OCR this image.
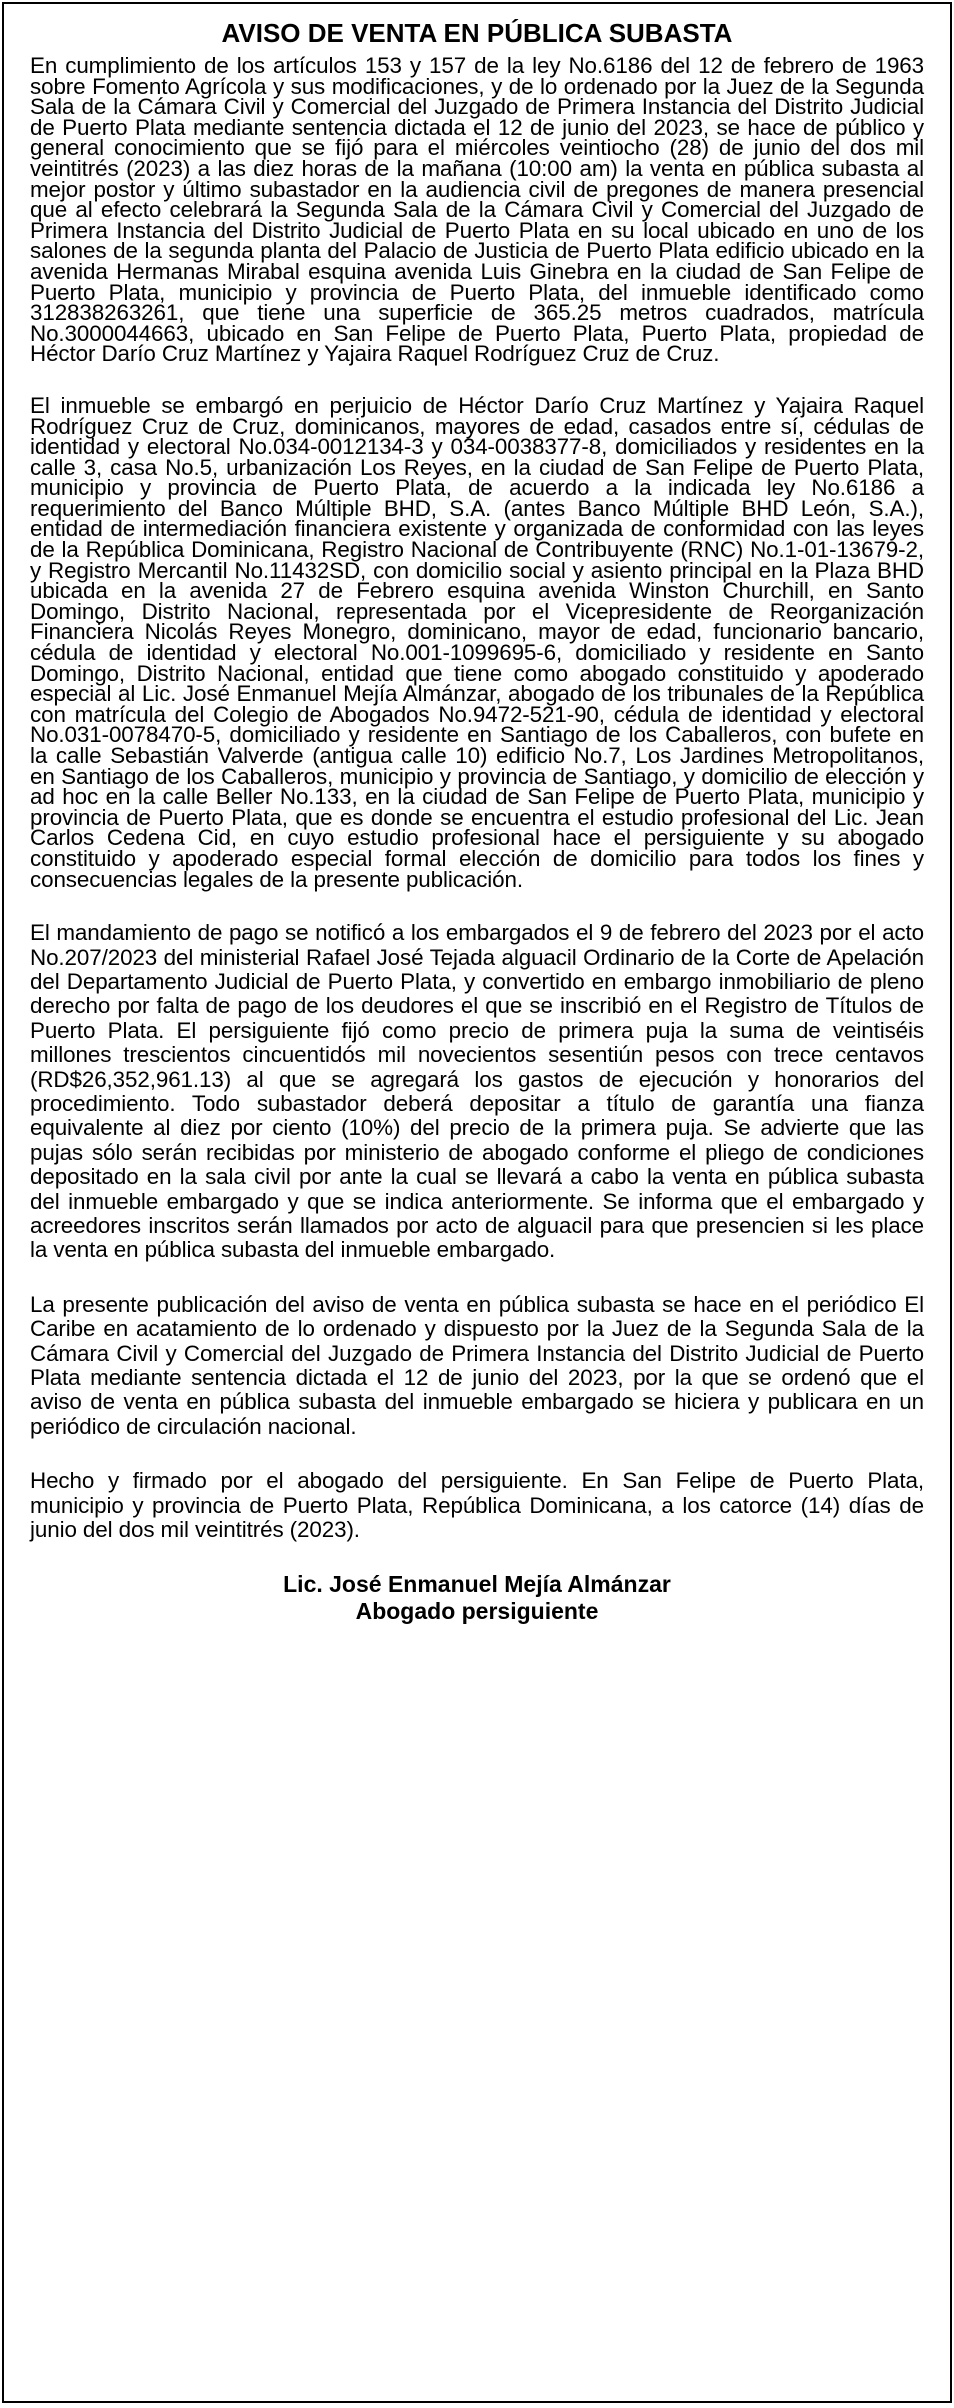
AVISO DE VENTA EN PÚBLICA SUBASTA

En cumplimiento de los artículos 153 y 157 de la ley No.6186 del 12 de febrero de 1963 sobre Fomento Agrícola y sus modificaciones, y de lo ordenado por la Juez de la Segunda Sala de la Cámara Civil y Comercial del Juzgado de Primera Instancia del Distrito Judicial de Puerto Plata mediante sentencia dictada el 12 de junio del 2023, se hace de público y general conocimiento que se fijó para el miércoles veintiocho (28) de junio del dos mil veintitrés (2023) a las diez horas de la mañana (10:00 am) la venta en pública subasta al mejor postor y último subastador en la audiencia civil de pregones de manera presencial que al efecto celebrará la Segunda Sala de la Cámara Civil y Comercial del Juzgado de Primera Instancia del Distrito Judicial de Puerto Plata en su local ubicado en uno de los salones de la segunda planta del Palacio de Justicia de Puerto Plata edificio ubicado en la avenida Hermanas Mirabal esquina avenida Luis Ginebra en la ciudad de San Felipe de Puerto Plata, municipio y provincia de Puerto Plata, del inmueble identificado como 312838263261, que tiene una superficie de 365.25 metros cuadrados, matrícula No.3000044663, ubicado en San Felipe de Puerto Plata, Puerto Plata, propiedad de Héctor Darío Cruz Martínez y Yajaira Raquel Rodríguez Cruz de Cruz.

El inmueble se embargó en perjuicio de Héctor Darío Cruz Martínez y Yajaira Raquel Rodríguez Cruz de Cruz, dominicanos, mayores de edad, casados entre sí, cédulas de identidad y electoral No.034-0012134-3 y 034-0038377-8, domiciliados y residentes en la calle 3, casa No.5, urbanización Los Reyes, en la ciudad de San Felipe de Puerto Plata, municipio y provincia de Puerto Plata, de acuerdo a la indicada ley No.6186 a requerimiento del Banco Múltiple BHD, S.A. (antes Banco Múltiple BHD León, S.A.), entidad de intermediación financiera existente y organizada de conformidad con las leyes de la República Dominicana, Registro Nacional de Contribuyente (RNC) No.1-01-13679-2, y Registro Mercantil No.11432SD, con domicilio social y asiento principal en la Plaza BHD ubicada en la avenida 27 de Febrero esquina avenida Winston Churchill, en Santo Domingo, Distrito Nacional, representada por el Vicepresidente de Reorganización Financiera Nicolás Reyes Monegro, dominicano, mayor de edad, funcionario bancario, cédula de identidad y electoral No.001-1099695-6, domiciliado y residente en Santo Domingo, Distrito Nacional, entidad que tiene como abogado constituido y apoderado especial al Lic. José Enmanuel Mejía Almánzar, abogado de los tribunales de la República con matrícula del Colegio de Abogados No.9472-521-90, cédula de identidad y electoral No.031-0078470-5, domiciliado y residente en Santiago de los Caballeros, con bufete en la calle Sebastián Valverde (antigua calle 10) edificio No.7, Los Jardines Metropolitanos, en Santiago de los Caballeros, municipio y provincia de Santiago, y domicilio de elección y ad hoc en la calle Beller No.133, en la ciudad de San Felipe de Puerto Plata, municipio y provincia de Puerto Plata, que es donde se encuentra el estudio profesional del Lic. Jean Carlos Cedena Cid, en cuyo estudio profesional hace el persiguiente y su abogado constituido y apoderado especial formal elección de domicilio para todos los fines y consecuencias legales de la presente publicación.

El mandamiento de pago se notificó a los embargados el 9 de febrero del 2023 por el acto No.207/2023 del ministerial Rafael José Tejada alguacil Ordinario de la Corte de Apelación del Departamento Judicial de Puerto Plata, y convertido en embargo inmobiliario de pleno derecho por falta de pago de los deudores el que se inscribió en el Registro de Títulos de Puerto Plata. El persiguiente fijó como precio de primera puja la suma de veintiséis millones trescientos cincuentidós mil novecientos sesentiún pesos con trece centavos (RD$26,352,961.13) al que se agregará los gastos de ejecución y honorarios del procedimiento. Todo subastador deberá depositar a título de garantía una fianza equivalente al diez por ciento (10%) del precio de la primera puja. Se advierte que las pujas sólo serán recibidas por ministerio de abogado conforme el pliego de condiciones depositado en la sala civil por ante la cual se llevará a cabo la venta en pública subasta del inmueble embargado y que se indica anteriormente. Se informa que el embargado y acreedores inscritos serán llamados por acto de alguacil para que presencien si les place la venta en pública subasta del inmueble embargado.

La presente publicación del aviso de venta en pública subasta se hace en el periódico El Caribe en acatamiento de lo ordenado y dispuesto por la Juez de la Segunda Sala de la Cámara Civil y Comercial del Juzgado de Primera Instancia del Distrito Judicial de Puerto Plata mediante sentencia dictada el 12 de junio del 2023, por la que se ordenó que el aviso de venta en pública subasta del inmueble embargado se hiciera y publicara en un periódico de circulación nacional.

Hecho y firmado por el abogado del persiguiente. En San Felipe de Puerto Plata, municipio y provincia de Puerto Plata, República Dominicana, a los catorce (14) días de junio del dos mil veintitrés (2023).

Lic. José Enmanuel Mejía Almánzar
Abogado persiguiente
